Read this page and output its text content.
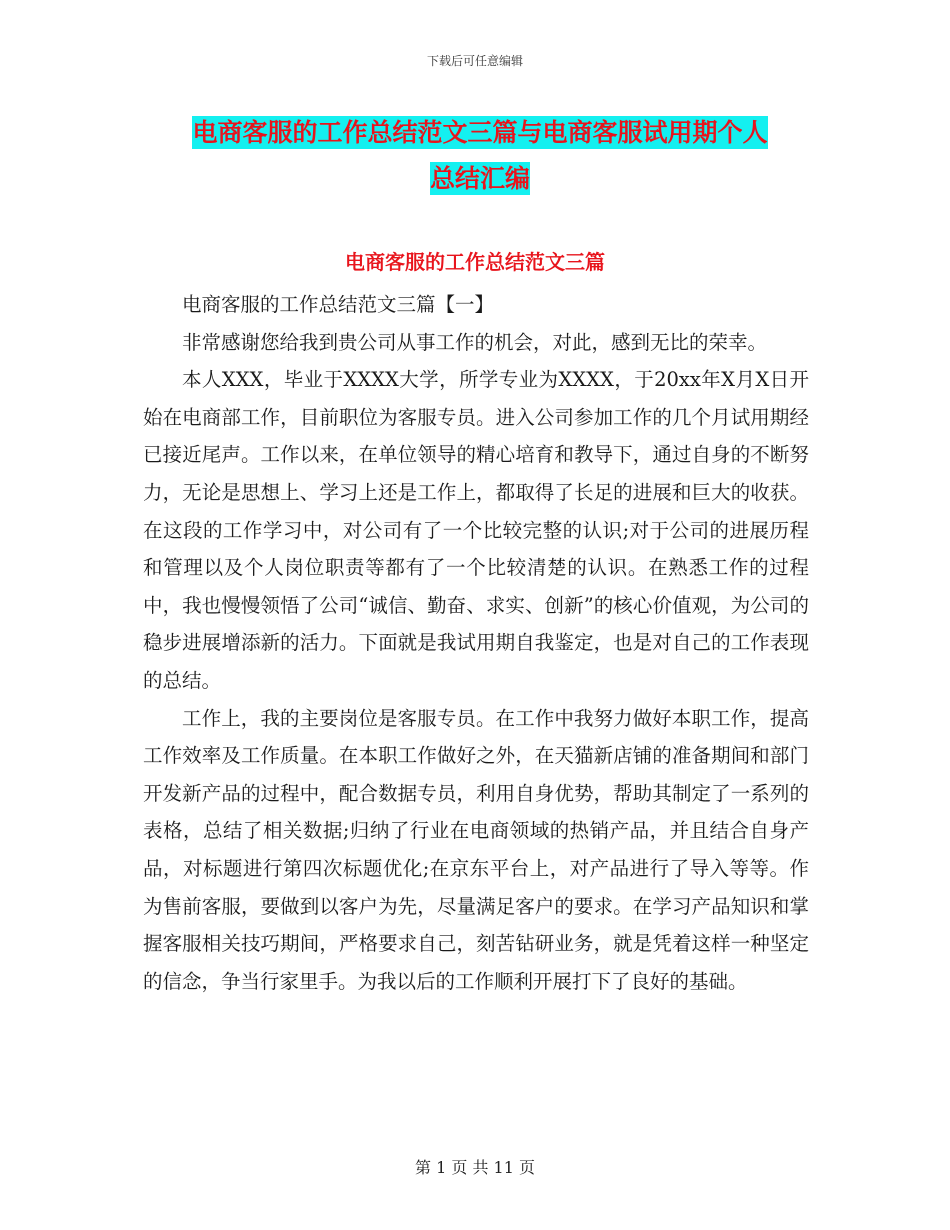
下载后可任意编辑
电商客服的工作总结范文三篇与电商客服试用期个人
总结汇编
电商客服的工作总结范文三篇

电商客服的工作总结范文三篇【一】

非常感谢您给我到贵公司从事工作的机会，对此，感到无比的荣幸。

本人XXX，毕业于XXXX大学，所学专业为XXXX，于20xx年X月X日开始在电商部工作，目前职位为客服专员。进入公司参加工作的几个月试用期经已接近尾声。工作以来，在单位领导的精心培育和教导下，通过自身的不断努力，无论是思想上、学习上还是工作上，都取得了长足的进展和巨大的收获。在这段的工作学习中，对公司有了一个比较完整的认识;对于公司的进展历程和管理以及个人岗位职责等都有了一个比较清楚的认识。在熟悉工作的过程中，我也慢慢领悟了公司“诚信、勤奋、求实、创新”的核心价值观，为公司的稳步进展增添新的活力。下面就是我试用期自我鉴定，也是对自己的工作表现的总结。

工作上，我的主要岗位是客服专员。在工作中我努力做好本职工作，提高工作效率及工作质量。在本职工作做好之外，在天猫新店铺的准备期间和部门开发新产品的过程中，配合数据专员，利用自身优势，帮助其制定了一系列的表格，总结了相关数据;归纳了行业在电商领域的热销产品，并且结合自身产品，对标题进行第四次标题优化;在京东平台上，对产品进行了导入等等。作为售前客服，要做到以客户为先，尽量满足客户的要求。在学习产品知识和掌握客服相关技巧期间，严格要求自己，刻苦钻研业务，就是凭着这样一种坚定的信念，争当行家里手。为我以后的工作顺利开展打下了良好的基础。

第 1 页 共 11 页
